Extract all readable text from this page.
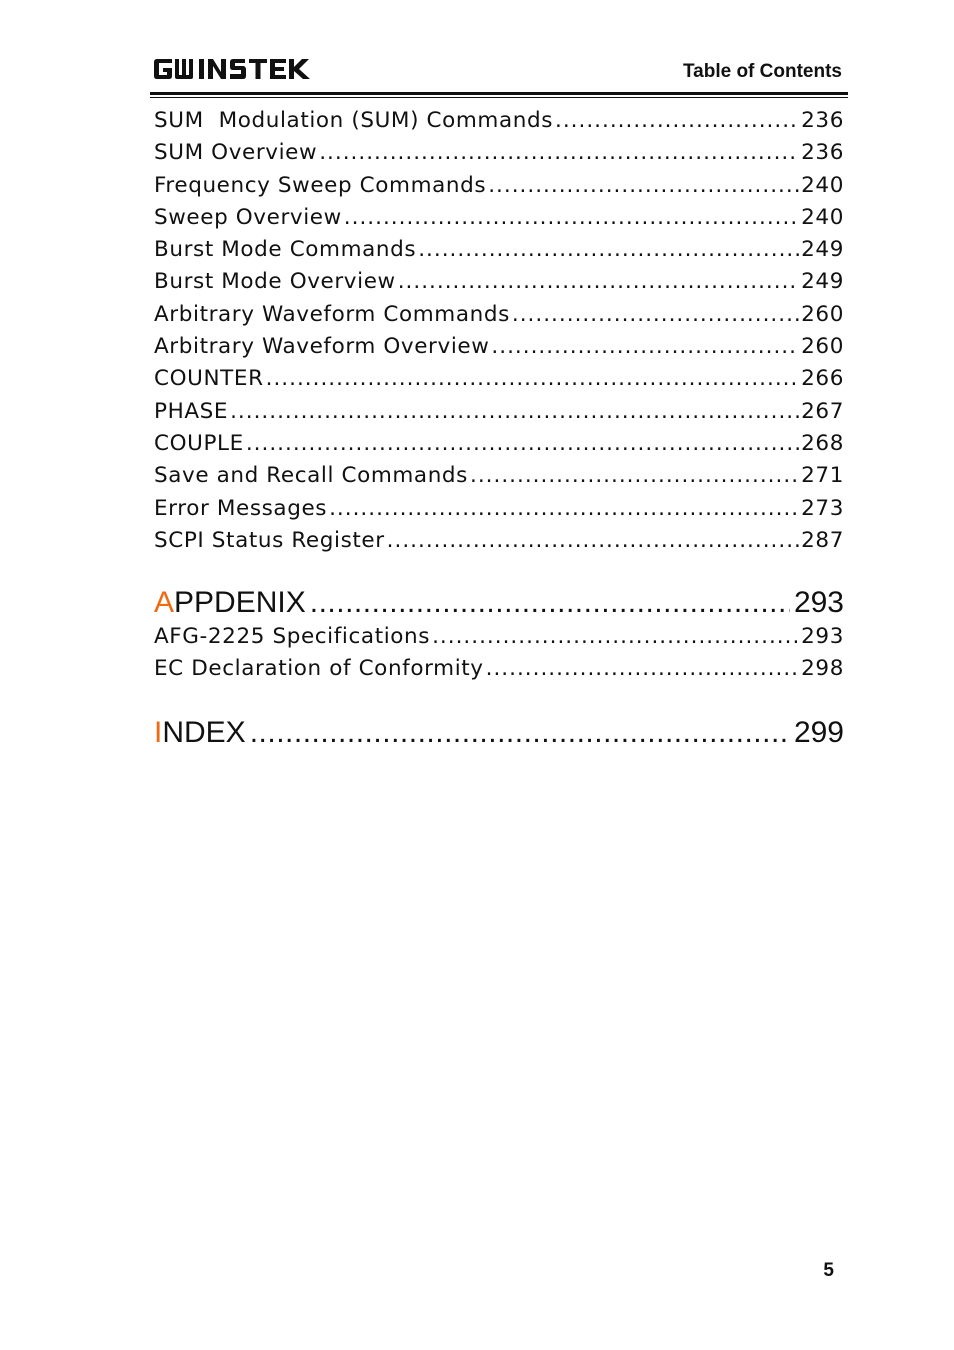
Table of Contents
SUM  Modulation (SUM) Commands .....	236
SUM Overview .....	236
Frequency Sweep Commands .....	240
Sweep Overview .....	240
Burst Mode Commands .....	249
Burst Mode Overview .....	249
Arbitrary Waveform Commands .....	260
Arbitrary Waveform Overview .....	260
COUNTER .....	266
PHASE .....	267
COUPLE .....	268
Save and Recall Commands .....	271
Error Messages .....	273
SCPI Status Register .....	287
A PPDENIX .....	293
AFG-2225 Specifications .....	293
EC Declaration of Conformity .....	298
I NDEX .....	299
5
